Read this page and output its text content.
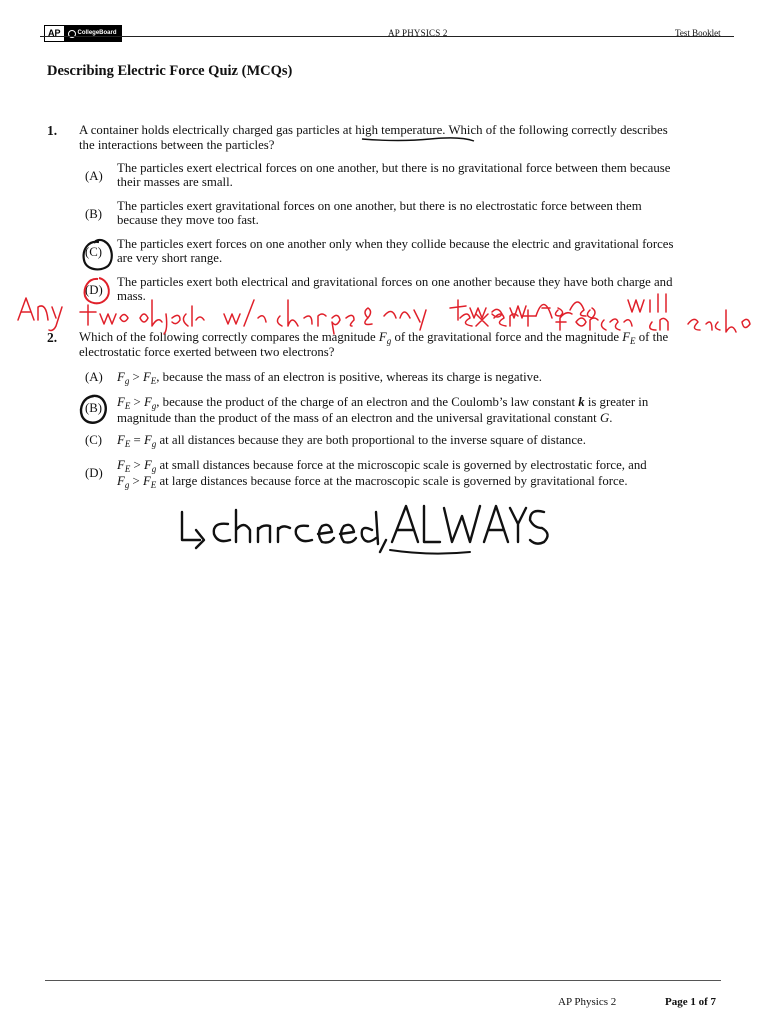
AP	CollegeBoard	AP PHYSICS 2	Test Booklet
Describing Electric Force Quiz (MCQs)
1. A container holds electrically charged gas particles at high temperature. Which of the following correctly describes
the interactions between the particles?
(A)
The particles exert electrical forces on one another, but there is no gravitational force between them because
their masses are small.
(B)
The particles exert gravitational forces on one another, but there is no electrostatic force between them
because they move too fast.
(C)
The particles exert forces on one another only when they collide because the electric and gravitational forces
are very short range.
(D)
The particles exert both electrical and gravitational forces on one another because they have both charge and
mass.
2. Which of the following correctly compares the magnitude $F_g$ of the gravitational force and the magnitude $F_E$ of the
electrostatic force exerted between two electrons?
(A) $F_g > F_E$, because the mass of an electron is positive, whereas its charge is negative.
(B) $F_E > F_g$, because the product of the charge of an electron and the Coulomb’s law constant k is greater in
magnitude than the product of the mass of an electron and the universal gravitational constant G.
(C) $F_E = F_g$ at all distances because they are both proportional to the inverse square of distance.
(D)
$F_E > F_g$ at small distances because force at the microscopic scale is governed by electrostatic force, and
$F_g > F_E$ at large distances because force at the macroscopic scale is governed by gravitational force.
AP Physics 2	Page 1 of 7
